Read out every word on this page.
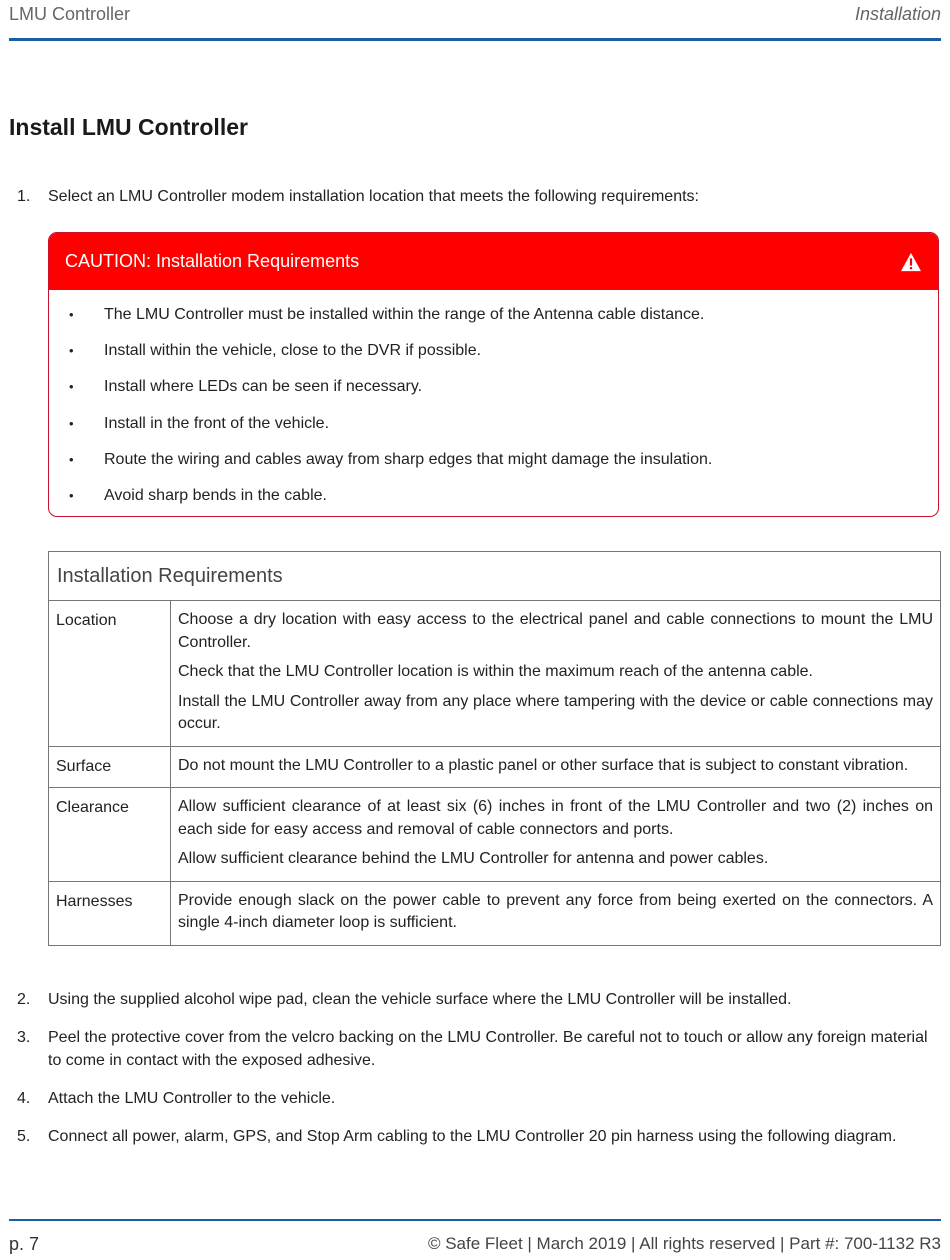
LMU Controller	Installation
Install LMU Controller
1. Select an LMU Controller modem installation location that meets the following requirements:
CAUTION: Installation Requirements
• The LMU Controller must be installed within the range of the Antenna cable distance.
• Install within the vehicle, close to the DVR if possible.
• Install where LEDs can be seen if necessary.
• Install in the front of the vehicle.
• Route the wiring and cables away from sharp edges that might damage the insulation.
• Avoid sharp bends in the cable.
Installation Requirements	
Location	Choose a dry location with easy access to the electrical panel and cable connections to mount the LMU Controller.

Check that the LMU Controller location is within the maximum reach of the antenna cable.

Install the LMU Controller away from any place where tampering with the device or cable connections may occur.

Surface	Do not mount the LMU Controller to a plastic panel or other surface that is subject to constant vibration.

Clearance	Allow sufficient clearance of at least six (6) inches in front of the LMU Controller and two (2) inches on each side for easy access and removal of cable connectors and ports.

Allow sufficient clearance behind the LMU Controller for antenna and power cables.

Harnesses	Provide enough slack on the power cable to prevent any force from being exerted on the connectors. A single 4-inch diameter loop is sufficient.

2. Using the supplied alcohol wipe pad, clean the vehicle surface where the LMU Controller will be installed.
3. Peel the protective cover from the velcro backing on the LMU Controller. Be careful not to touch or allow any foreign material to come in contact with the exposed adhesive.
4. Attach the LMU Controller to the vehicle.
5. Connect all power, alarm, GPS, and Stop Arm cabling to the LMU Controller 20 pin harness using the following diagram.
p. 7	© Safe Fleet | March 2019 | All rights reserved | Part #: 700-1132 R3
